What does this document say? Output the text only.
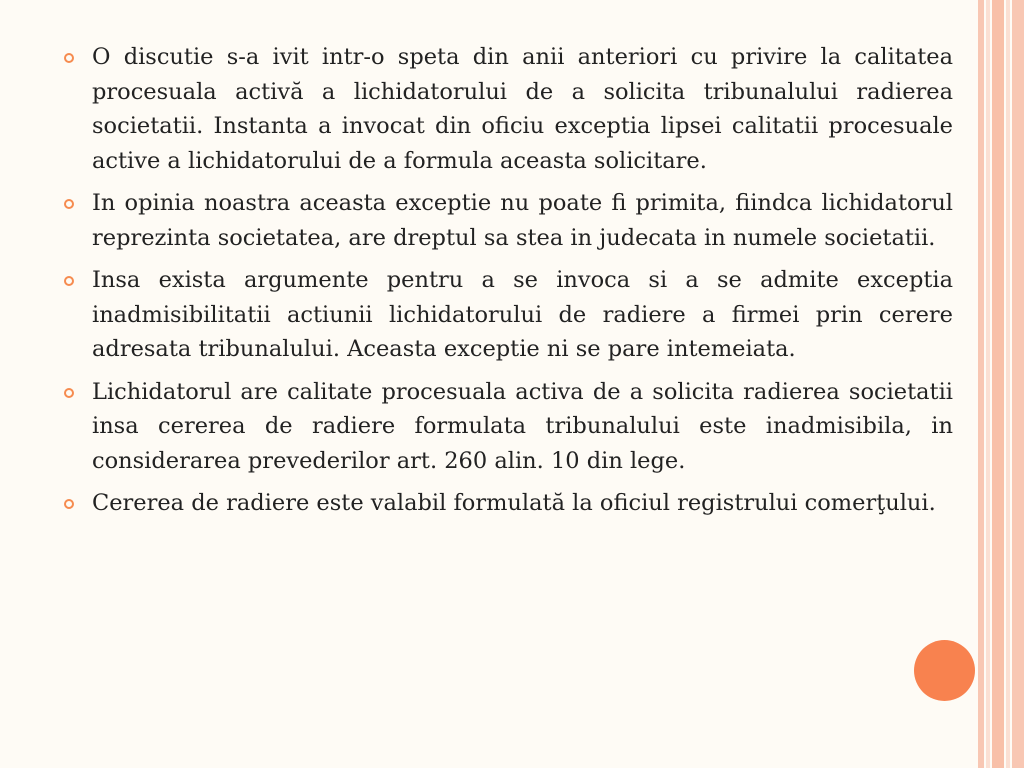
O discutie s-a ivit intr-o speta din anii anteriori cu privire la calitatea procesuala activă a lichidatorului de a solicita tribunalului radierea societatii. Instanta a invocat din oficiu exceptia lipsei calitatii procesuale active a lichidatorului de a formula aceasta solicitare.
In opinia noastra aceasta exceptie nu poate fi primita, fiindca lichidatorul reprezinta societatea, are dreptul sa stea in judecata in numele societatii.
Insa exista argumente pentru a se invoca si a se admite exceptia inadmisibilitatii actiunii lichidatorului de radiere a firmei prin cerere adresata tribunalului. Aceasta exceptie ni se pare intemeiata.
Lichidatorul are calitate procesuala activa de a solicita radierea societatii insa cererea de radiere formulata tribunalului este inadmisibila, in considerarea prevederilor art. 260 alin. 10 din lege.
Cererea de radiere este valabil formulată la oficiul registrului comerţului.
